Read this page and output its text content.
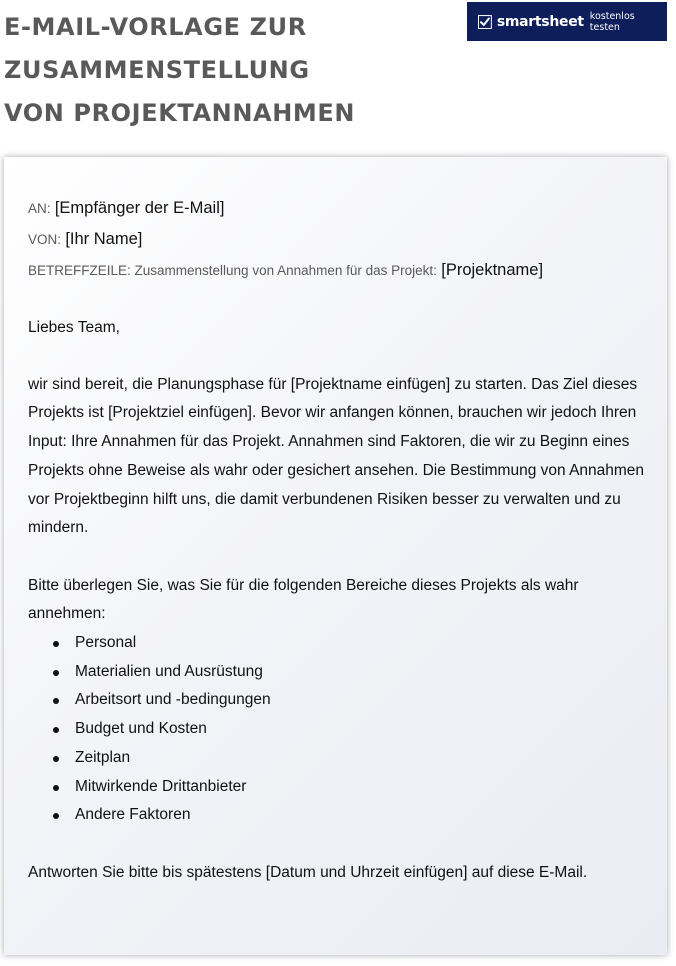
E-MAIL-VORLAGE ZUR
ZUSAMMENSTELLUNG
VON PROJEKTANNAHMEN
smartsheet kostenlos testen
AN: [Empfänger der E-Mail]
VON: [Ihr Name]
BETREFFZEILE: Zusammenstellung von Annahmen für das Projekt: [Projektname]

Liebes Team,

wir sind bereit, die Planungsphase für [Projektname einfügen] zu starten. Das Ziel dieses Projekts ist [Projektziel einfügen]. Bevor wir anfangen können, brauchen wir jedoch Ihren Input: Ihre Annahmen für das Projekt. Annahmen sind Faktoren, die wir zu Beginn eines Projekts ohne Beweise als wahr oder gesichert ansehen. Die Bestimmung von Annahmen vor Projektbeginn hilft uns, die damit verbundenen Risiken besser zu verwalten und zu mindern.

Bitte überlegen Sie, was Sie für die folgenden Bereiche dieses Projekts als wahr annehmen:

Personal
Materialien und Ausrüstung
Arbeitsort und -bedingungen
Budget und Kosten
Zeitplan
Mitwirkende Drittanbieter
Andere Faktoren

Antworten Sie bitte bis spätestens [Datum und Uhrzeit einfügen] auf diese E-Mail.
